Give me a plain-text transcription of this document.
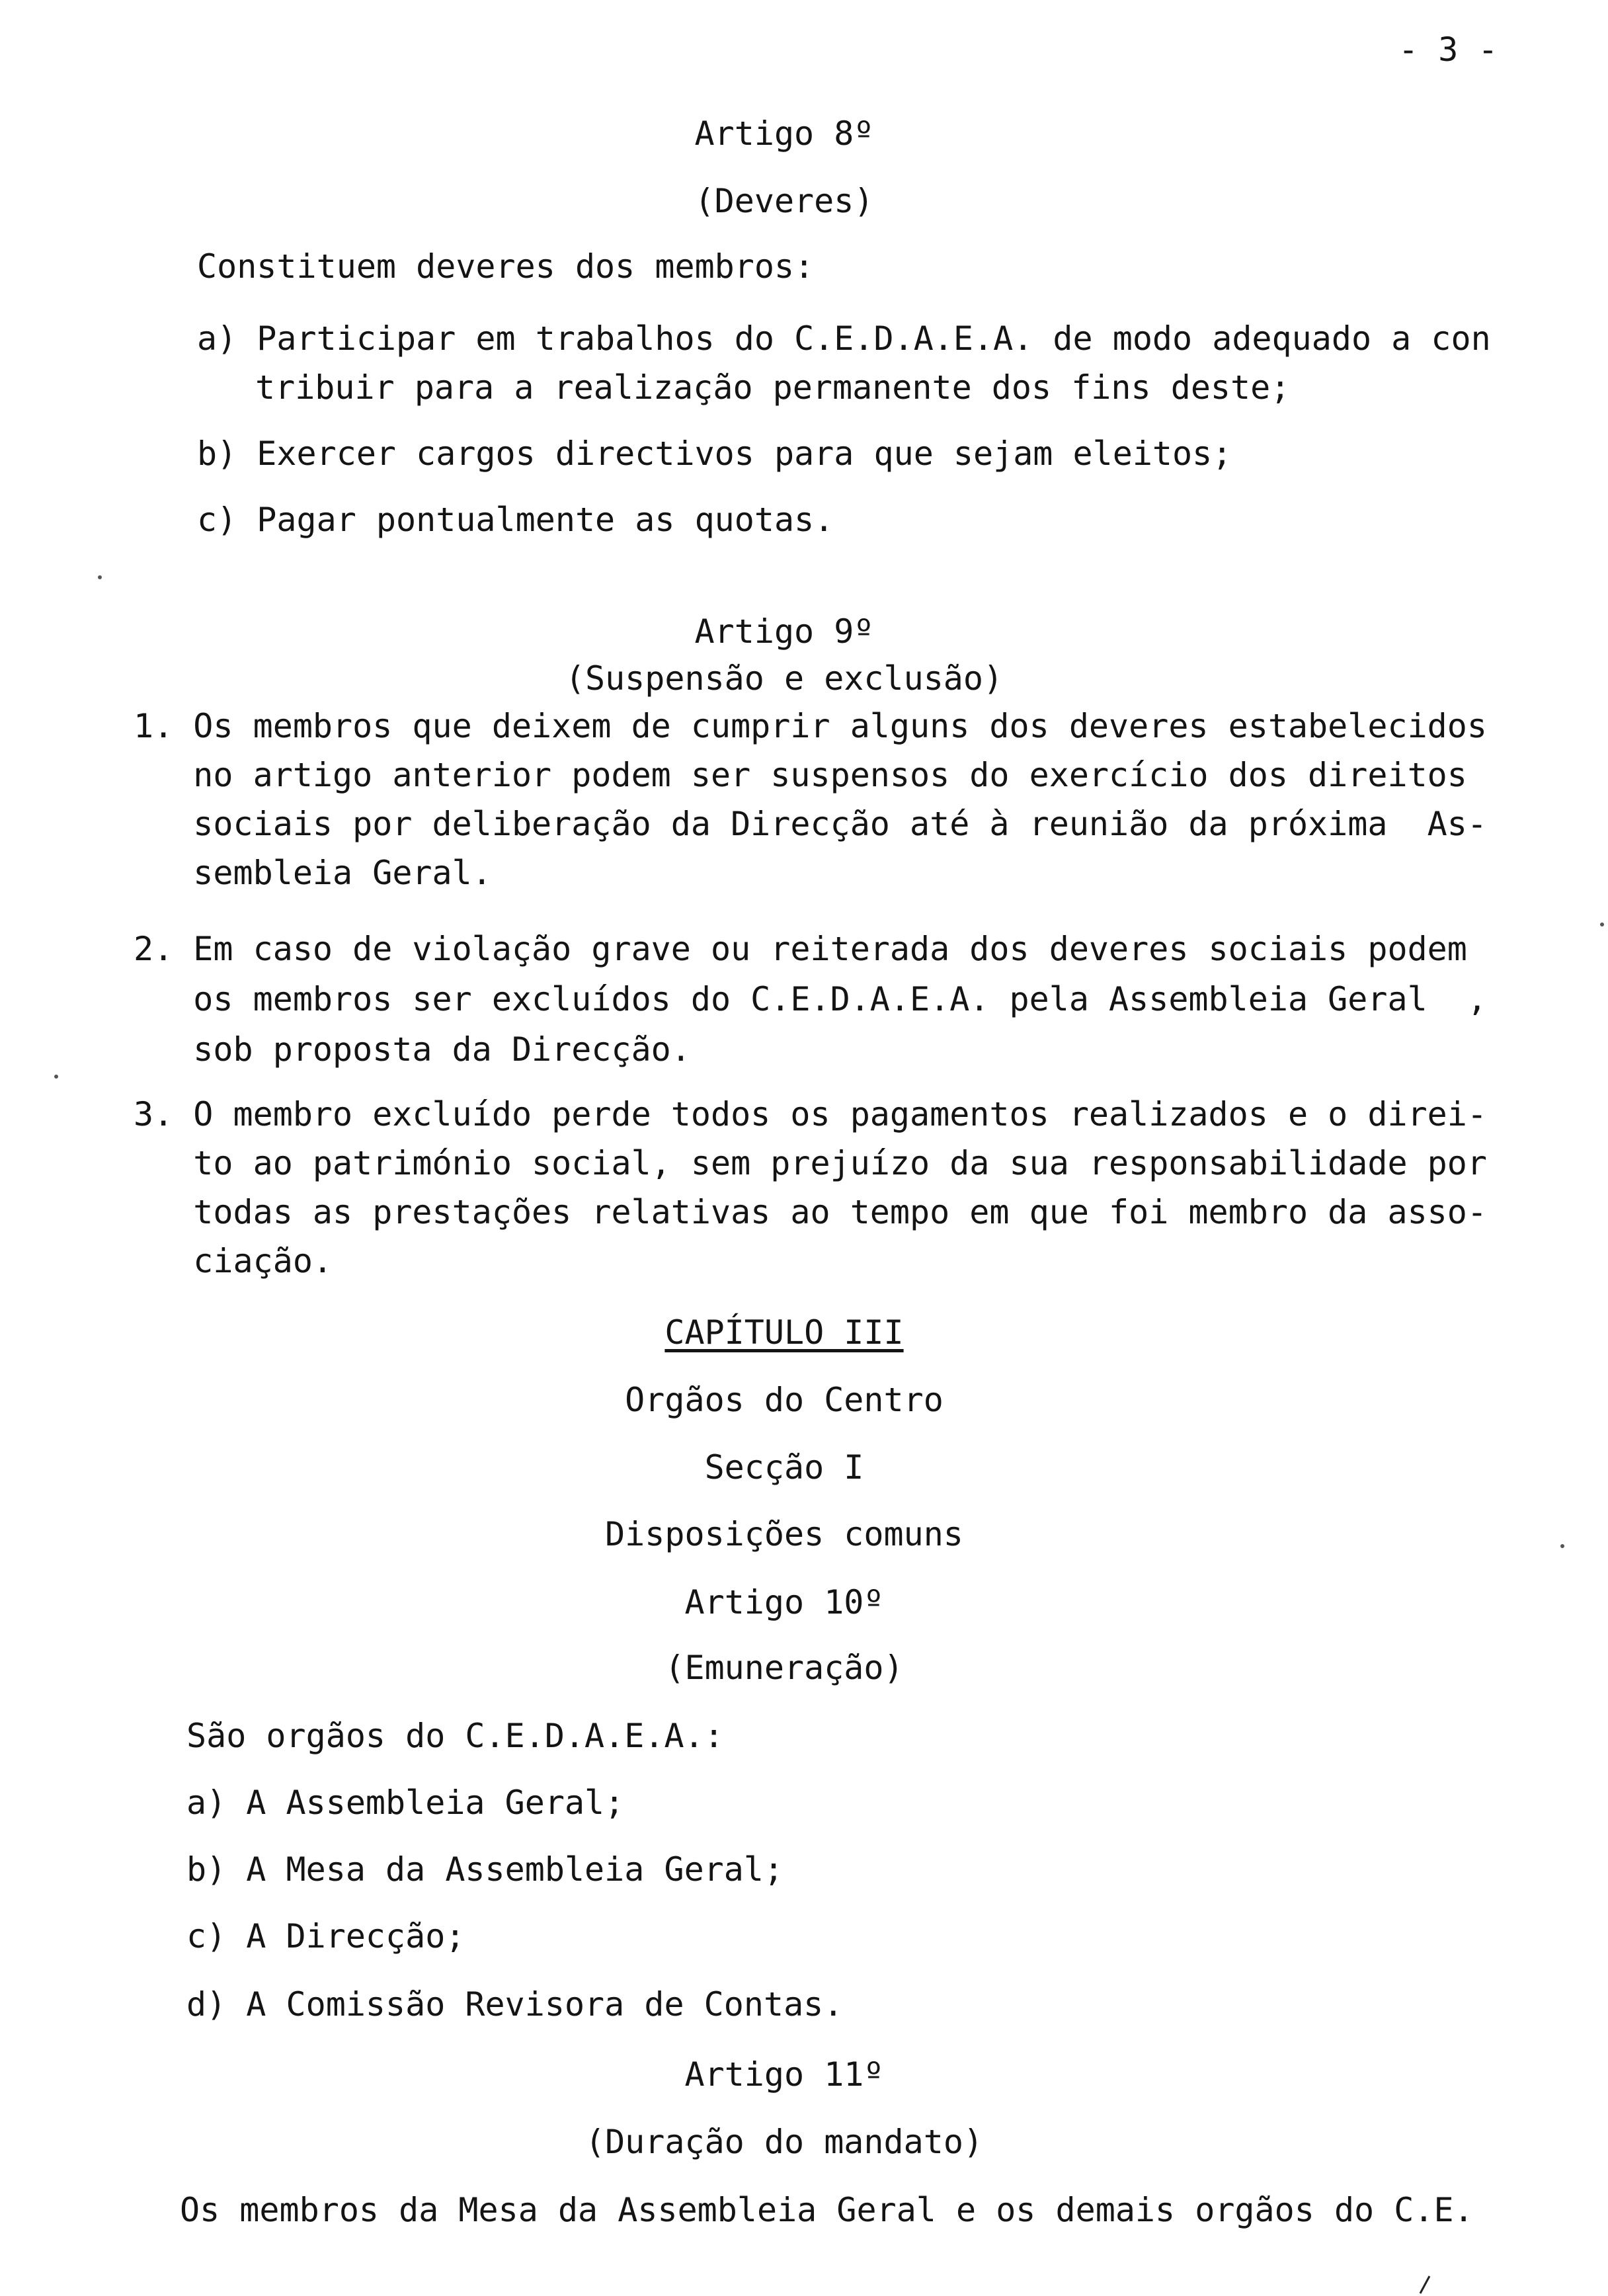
- 3 -

Artigo 8º

(Deveres)

Constituem deveres dos membros:

a) Participar em trabalhos do C.E.D.A.E.A. de modo adequado a con

tribuir para a realização permanente dos fins deste;

b) Exercer cargos directivos para que sejam eleitos;

c) Pagar pontualmente as quotas.

Artigo 9º

(Suspensão e exclusão)

1. Os membros que deixem de cumprir alguns dos deveres estabelecidos

no artigo anterior podem ser suspensos do exercício dos direitos

sociais por deliberação da Direcção até à reunião da próxima  As-

sembleia Geral.

2. Em caso de violação grave ou reiterada dos deveres sociais podem

os membros ser excluídos do C.E.D.A.E.A. pela Assembleia Geral  ,

sob proposta da Direcção.

3. O membro excluído perde todos os pagamentos realizados e o direi-

to ao património social, sem prejuízo da sua responsabilidade por

todas as prestações relativas ao tempo em que foi membro da asso-

ciação.

CAPÍTULO III

Orgãos do Centro

Secção I

Disposições comuns

Artigo 10º

(Emuneração)

São orgãos do C.E.D.A.E.A.:

a) A Assembleia Geral;

b) A Mesa da Assembleia Geral;

c) A Direcção;

d) A Comissão Revisora de Contas.

Artigo 11º

(Duração do mandato)

Os membros da Mesa da Assembleia Geral e os demais orgãos do C.E.
